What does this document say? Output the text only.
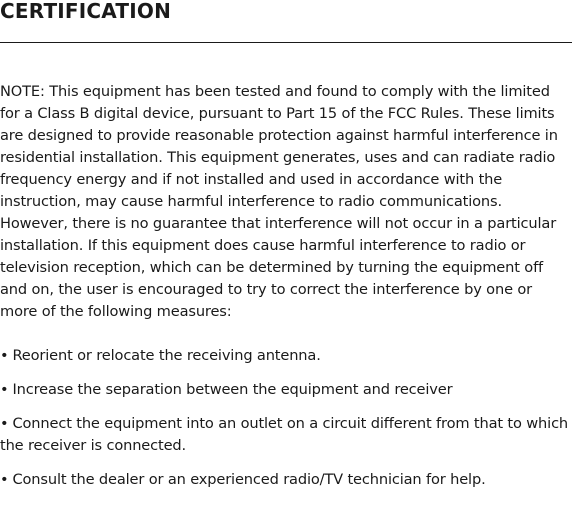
CERTIFICATION

NOTE: This equipment has been tested and found to comply with the limited for a Class B digital device, pursuant to Part 15 of the FCC Rules. These limits are designed to provide reasonable protection against harmful interference in residential installation. This equipment generates, uses and can radiate radio frequency energy and if not installed and used in accordance with the instruction, may cause harmful interference to radio communications. However, there is no guarantee that interference will not occur in a particular installation. If this equipment does cause harmful interference to radio or television reception, which can be determined by turning the equipment off and on, the user is encouraged to try to correct the interference by one or more of the following measures:

• Reorient or relocate the receiving antenna.
• Increase the separation between the equipment and receiver
• Connect the equipment into an outlet on a circuit different from that to which the receiver is connected.
• Consult the dealer or an experienced radio/TV technician for help.
